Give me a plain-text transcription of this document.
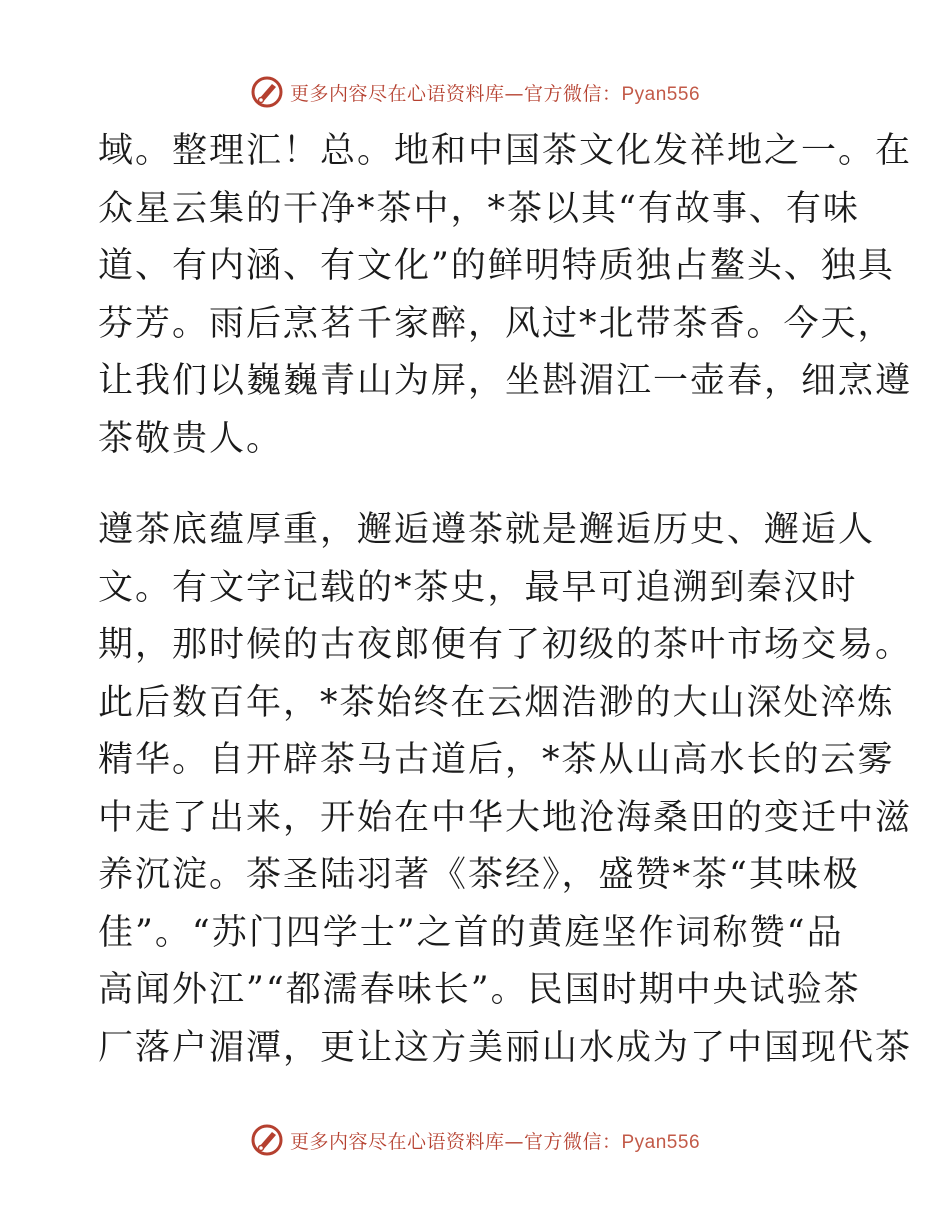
更多内容尽在心语资料库—官方微信：Pyan556
域。整理汇！总。地和中国茶文化发祥地之一。在
众星云集的干净*茶中，*茶以其“有故事、有味
道、有内涵、有文化”的鲜明特质独占鳌头、独具
芬芳。雨后烹茗千家醉，风过*北带茶香。今天，
让我们以巍巍青山为屏，坐斟湄江一壶春，细烹遵
茶敬贵人。
遵茶底蕴厚重，邂逅遵茶就是邂逅历史、邂逅人
文。有文字记载的*茶史，最早可追溯到秦汉时
期，那时候的古夜郎便有了初级的茶叶市场交易。
此后数百年，*茶始终在云烟浩渺的大山深处淬炼
精华。自开辟茶马古道后，*茶从山高水长的云雾
中走了出来，开始在中华大地沧海桑田的变迁中滋
养沉淀。茶圣陆羽著《茶经》，盛赞*茶“其味极
佳”。“苏门四学士”之首的黄庭坚作词称赞“品
高闻外江”“都濡春味长”。民国时期中央试验茶
厂落户湄潭，更让这方美丽山水成为了中国现代茶
更多内容尽在心语资料库—官方微信：Pyan556
